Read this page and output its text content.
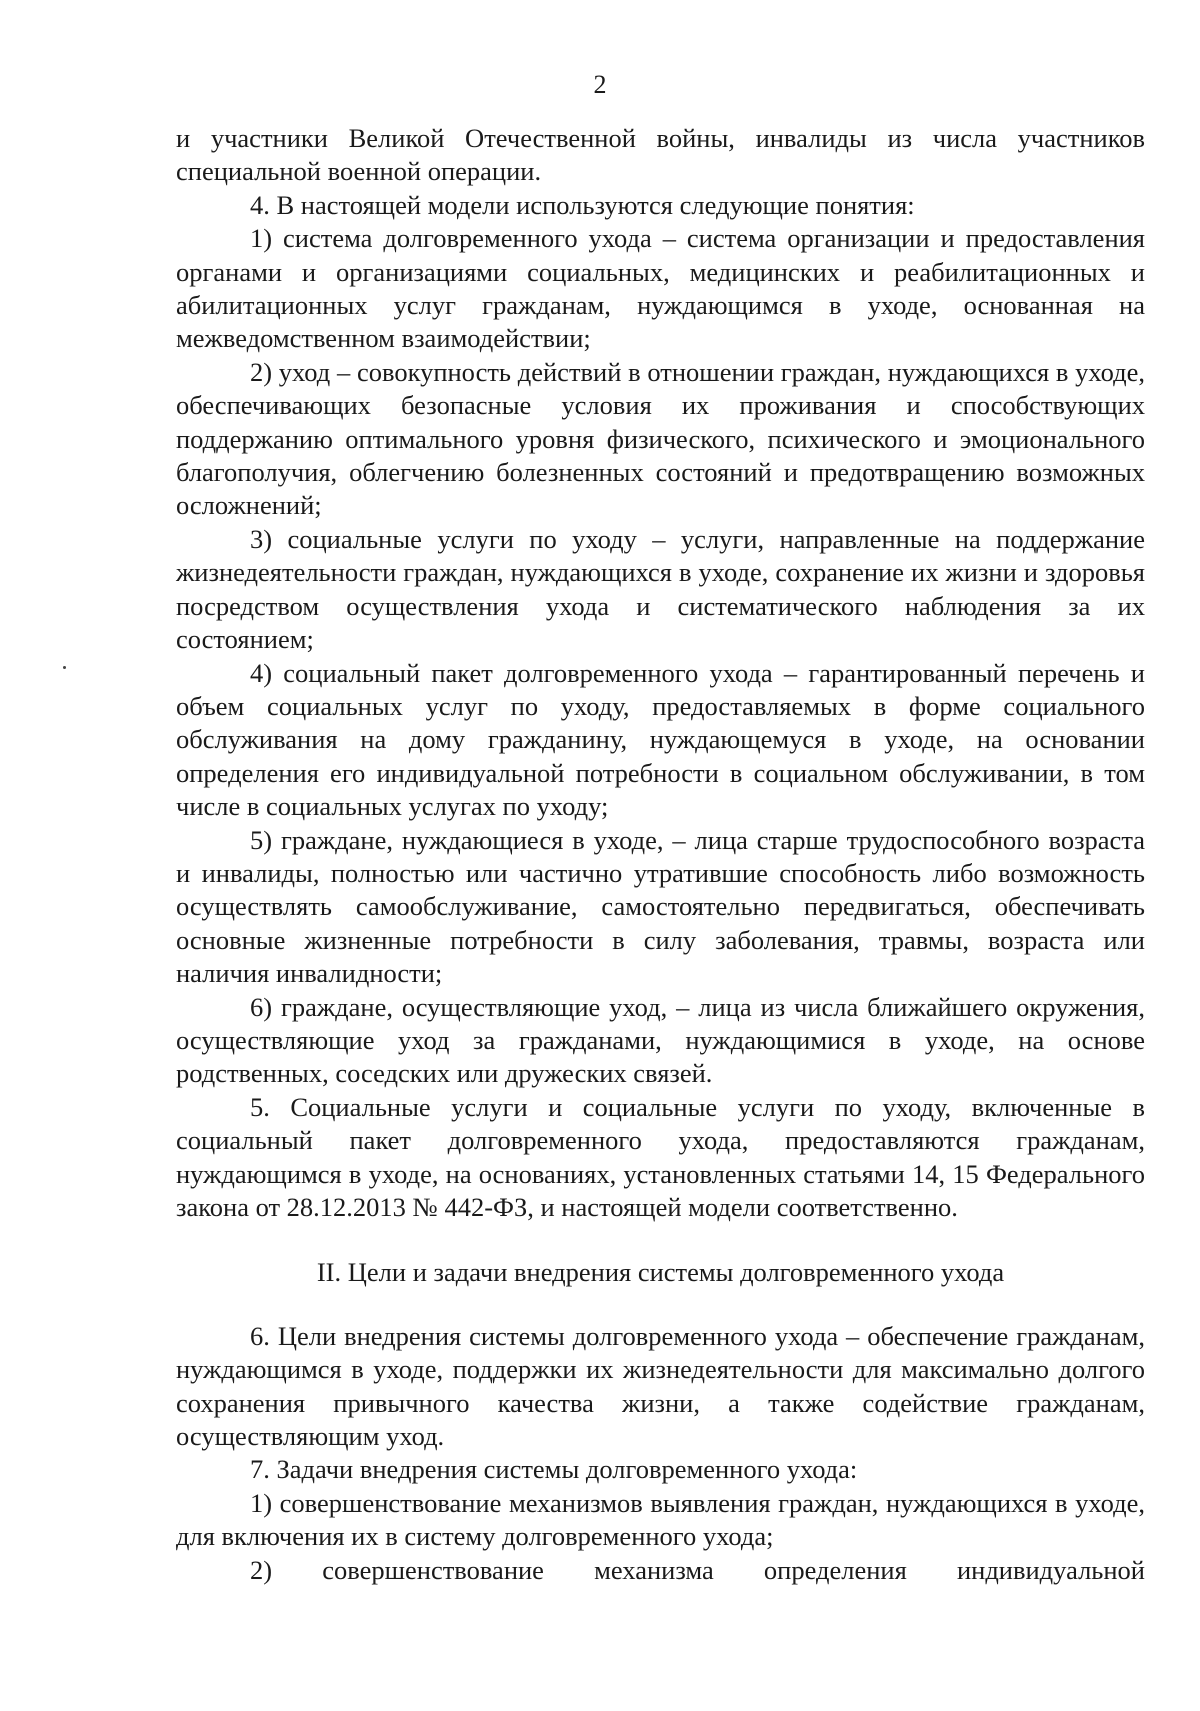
2

и участники Великой Отечественной войны, инвалиды из числа участников специальной военной операции.

4. В настоящей модели используются следующие понятия:

1) система долговременного ухода – система организации и предоставления органами и организациями социальных, медицинских и реабилитационных и абилитационных услуг гражданам, нуждающимся в уходе, основанная на межведомственном взаимодействии;

2) уход – совокупность действий в отношении граждан, нуждающихся в уходе, обеспечивающих безопасные условия их проживания и способствующих поддержанию оптимального уровня физического, психического и эмоционального благополучия, облегчению болезненных состояний и предотвращению возможных осложнений;

3) социальные услуги по уходу – услуги, направленные на поддержание жизнедеятельности граждан, нуждающихся в уходе, сохранение их жизни и здоровья посредством осуществления ухода и систематического наблюдения за их состоянием;

4) социальный пакет долговременного ухода – гарантированный перечень и объем социальных услуг по уходу, предоставляемых в форме социального обслуживания на дому гражданину, нуждающемуся в уходе, на основании определения его индивидуальной потребности в социальном обслуживании, в том числе в социальных услугах по уходу;

5) граждане, нуждающиеся в уходе, – лица старше трудоспособного возраста и инвалиды, полностью или частично утратившие способность либо возможность осуществлять самообслуживание, самостоятельно передвигаться, обеспечивать основные жизненные потребности в силу заболевания, травмы, возраста или наличия инвалидности;

6) граждане, осуществляющие уход, – лица из числа ближайшего окружения, осуществляющие уход за гражданами, нуждающимися в уходе, на основе родственных, соседских или дружеских связей.

5. Социальные услуги и социальные услуги по уходу, включенные в социальный пакет долговременного ухода, предоставляются гражданам, нуждающимся в уходе, на основаниях, установленных статьями 14, 15 Федерального закона от 28.12.2013 № 442-ФЗ, и настоящей модели соответственно.

II. Цели и задачи внедрения системы долговременного ухода

6. Цели внедрения системы долговременного ухода – обеспечение гражданам, нуждающимся в уходе, поддержки их жизнедеятельности для максимально долгого сохранения привычного качества жизни, а также содействие гражданам, осуществляющим уход.

7. Задачи внедрения системы долговременного ухода:

1) совершенствование механизмов выявления граждан, нуждающихся в уходе, для включения их в систему долговременного ухода;

2) совершенствование механизма определения индивидуальной
